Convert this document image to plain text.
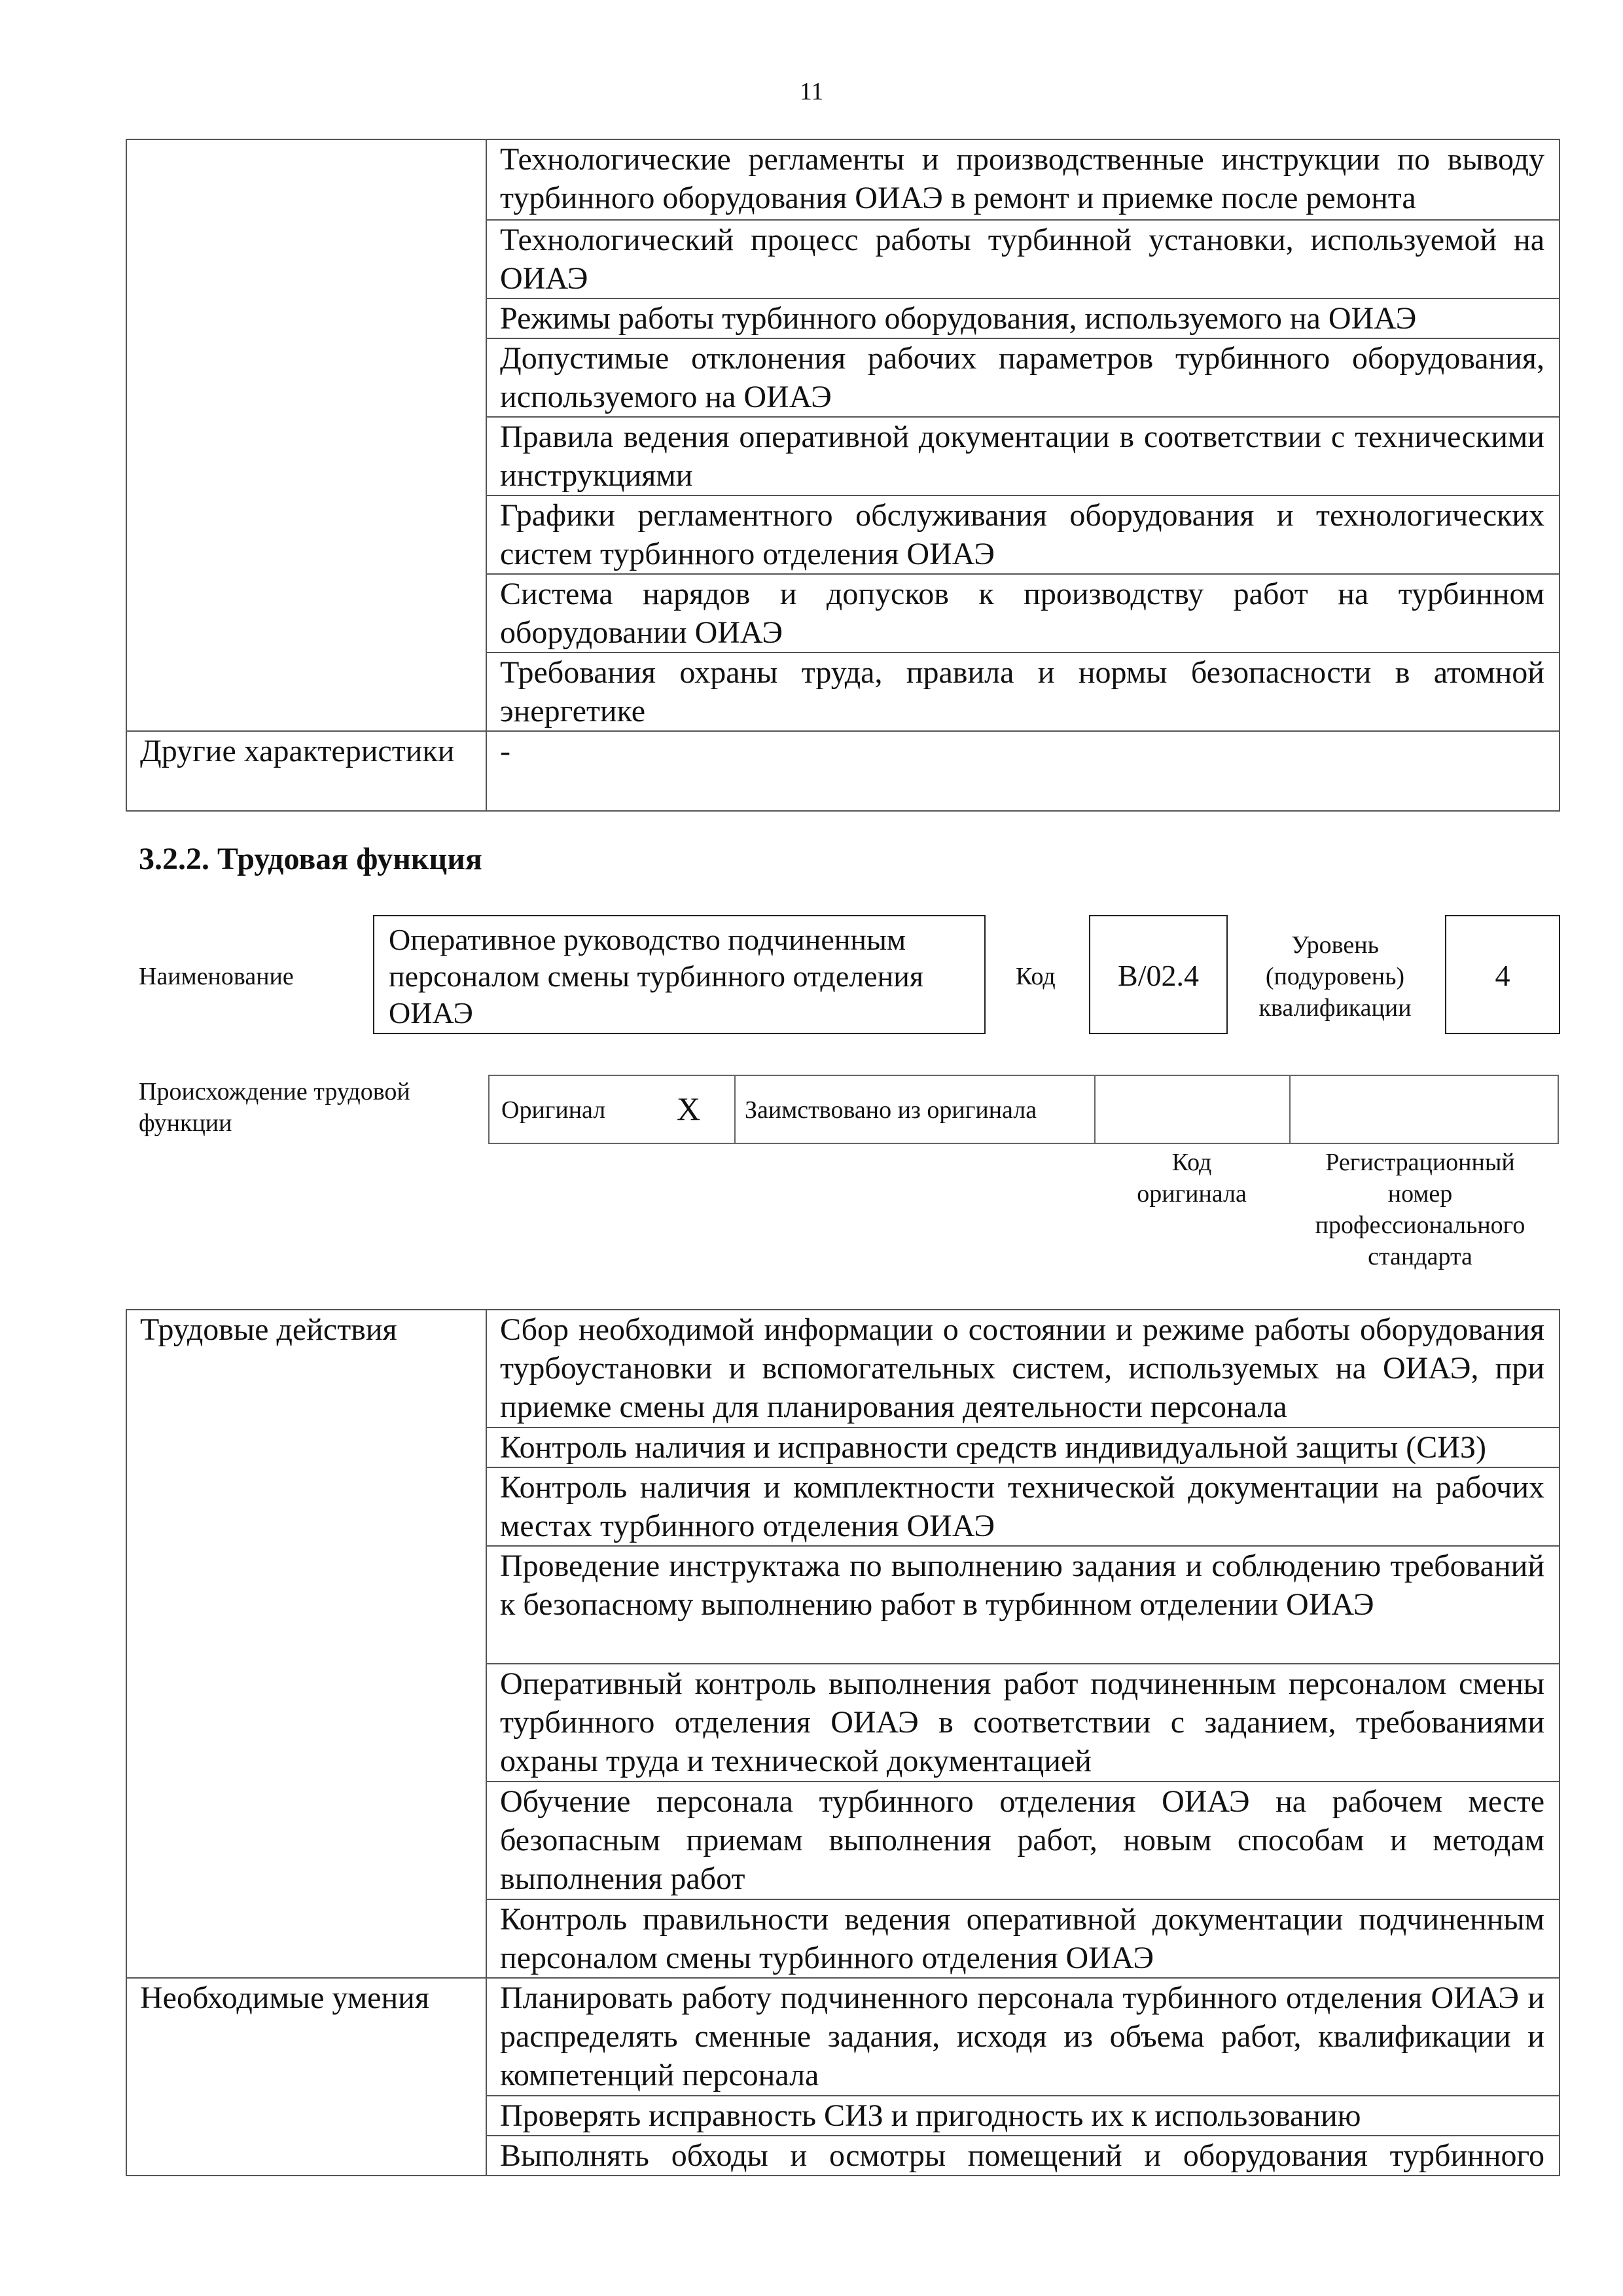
11
	Технологические регламенты и производственные инструкции по выводу турбинного оборудования ОИАЭ в ремонт и приемке после ремонта
	Технологический процесс работы турбинной установки, используемой на ОИАЭ
	Режимы работы турбинного оборудования, используемого на ОИАЭ
	Допустимые отклонения рабочих параметров турбинного оборудования, используемого на ОИАЭ
	Правила ведения оперативной документации в соответствии с техническими инструкциями
	Графики регламентного обслуживания оборудования и технологических систем турбинного отделения ОИАЭ
	Система нарядов и допусков к производству работ на турбинном оборудовании ОИАЭ
	Требования охраны труда, правила и нормы безопасности в атомной энергетике
Другие характеристики	-
3.2.2. Трудовая функция
Наименование
Оперативное руководство подчиненным персоналом смены турбинного отделения ОИАЭ
Код	В/02.4
Уровень (подуровень) квалификации
4
Происхождение трудовой функции	Оригинал X Заимствовано из оригинала
Код оригинала
Регистрационный номер профессионального стандарта
Трудовые действия	Сбор необходимой информации о состоянии и режиме работы оборудования турбоустановки и вспомогательных систем, используемых на ОИАЭ, при приемке смены для планирования деятельности персонала
	Контроль наличия и исправности средств индивидуальной защиты (СИЗ)
	Контроль наличия и комплектности технической документации на рабочих местах турбинного отделения ОИАЭ
	Проведение инструктажа по выполнению задания и соблюдению требований к безопасному выполнению работ в турбинном отделении ОИАЭ
	Оперативный контроль выполнения работ подчиненным персоналом смены турбинного отделения ОИАЭ в соответствии с заданием, требованиями охраны труда и технической документацией
	Обучение персонала турбинного отделения ОИАЭ на рабочем месте безопасным приемам выполнения работ, новым способам и методам выполнения работ
	Контроль правильности ведения оперативной документации подчиненным персоналом смены турбинного отделения ОИАЭ
Необходимые умения	Планировать работу подчиненного персонала турбинного отделения ОИАЭ и распределять сменные задания, исходя из объема работ, квалификации и компетенций персонала
	Проверять исправность СИЗ и пригодность их к использованию
	Выполнять обходы и осмотры помещений и оборудования турбинного
